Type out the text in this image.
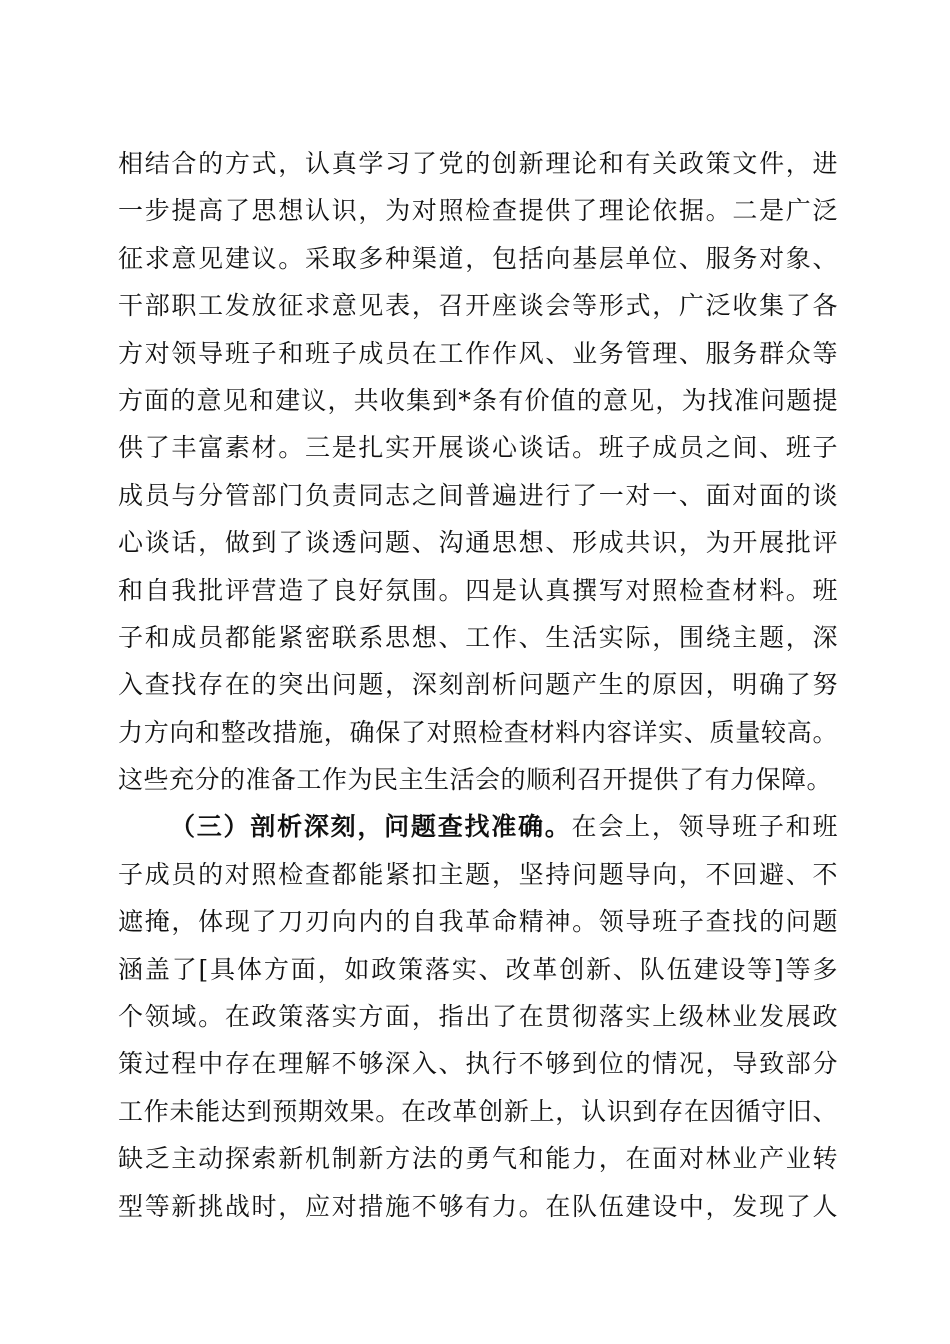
相结合的方式，认真学习了党的创新理论和有关政策文件，进
一步提高了思想认识，为对照检查提供了理论依据。二是广泛
征求意见建议。采取多种渠道，包括向基层单位、服务对象、
干部职工发放征求意见表，召开座谈会等形式，广泛收集了各
方对领导班子和班子成员在工作作风、业务管理、服务群众等
方面的意见和建议，共收集到*条有价值的意见，为找准问题提
供了丰富素材。三是扎实开展谈心谈话。班子成员之间、班子
成员与分管部门负责同志之间普遍进行了一对一、面对面的谈
心谈话，做到了谈透问题、沟通思想、形成共识，为开展批评
和自我批评营造了良好氛围。四是认真撰写对照检查材料。班
子和成员都能紧密联系思想、工作、生活实际，围绕主题，深
入查找存在的突出问题，深刻剖析问题产生的原因，明确了努
力方向和整改措施，确保了对照检查材料内容详实、质量较高。
这些充分的准备工作为民主生活会的顺利召开提供了有力保障。
（三）剖析深刻，问题查找准确。在会上，领导班子和班
子成员的对照检查都能紧扣主题，坚持问题导向，不回避、不
遮掩，体现了刀刃向内的自我革命精神。领导班子查找的问题
涵盖了[具体方面，如政策落实、改革创新、队伍建设等]等多
个领域。在政策落实方面，指出了在贯彻落实上级林业发展政
策过程中存在理解不够深入、执行不够到位的情况，导致部分
工作未能达到预期效果。在改革创新上，认识到存在因循守旧、
缺乏主动探索新机制新方法的勇气和能力，在面对林业产业转
型等新挑战时，应对措施不够有力。在队伍建设中，发现了人
